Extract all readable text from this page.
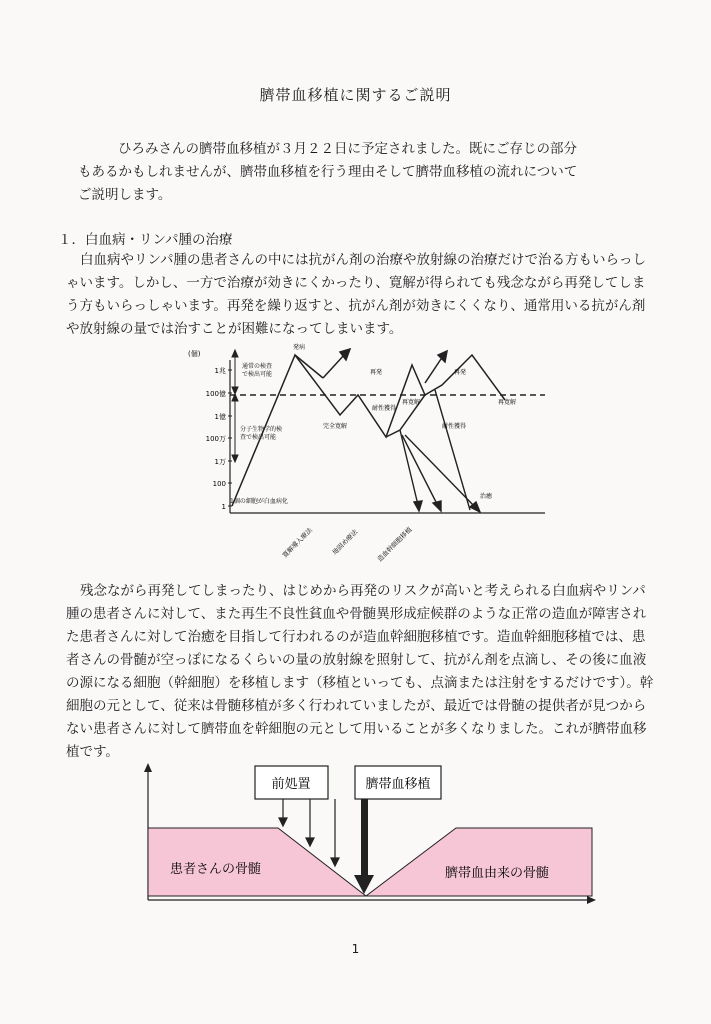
臍帯血移植に関するご説明
ひろみさんの臍帯血移植が３月２２日に予定されました。既にご存じの部分
もあるかもしれませんが、臍帯血移植を行う理由そして臍帯血移植の流れについて
ご説明します。
１．白血病・リンパ腫の治療
白血病やリンパ腫の患者さんの中には抗がん剤の治療や放射線の治療だけで治る方もいらっしゃいます。しかし、一方で治療が効きにくかったり、寛解が得られても残念ながら再発してしまう方もいらっしゃいます。再発を繰り返すと、抗がん剤が効きにくくなり、通常用いる抗がん剤や放射線の量では治すことが困難になってしまいます。
(個)
1兆
100億
1億
100万
1万
100
1
通常の検査
で検出可能
分子生物学的検
査で検出可能
1個の細胞が白血病化
発病
完全寛解
再発	再発
再寛解	再寛解
耐性獲得
耐性獲得
治癒
寛解導入療法	地固め療法	造血幹細胞移植
残念ながら再発してしまったり、はじめから再発のリスクが高いと考えられる白血病やリンパ腫の患者さんに対して、また再生不良性貧血や骨髄異形成症候群のような正常の造血が障害された患者さんに対して治癒を目指して行われるのが造血幹細胞移植です。造血幹細胞移植では、患者さんの骨髄が空っぽになるくらいの量の放射線を照射して、抗がん剤を点滴し、その後に血液の源になる細胞（幹細胞）を移植します（移植といっても、点滴または注射をするだけです）。幹細胞の元として、従来は骨髄移植が多く行われていましたが、最近では骨髄の提供者が見つからない患者さんに対して臍帯血を幹細胞の元として用いることが多くなりました。これが臍帯血移植です。
前処置	臍帯血移植
患者さんの骨髄	臍帯血由来の骨髄
1
